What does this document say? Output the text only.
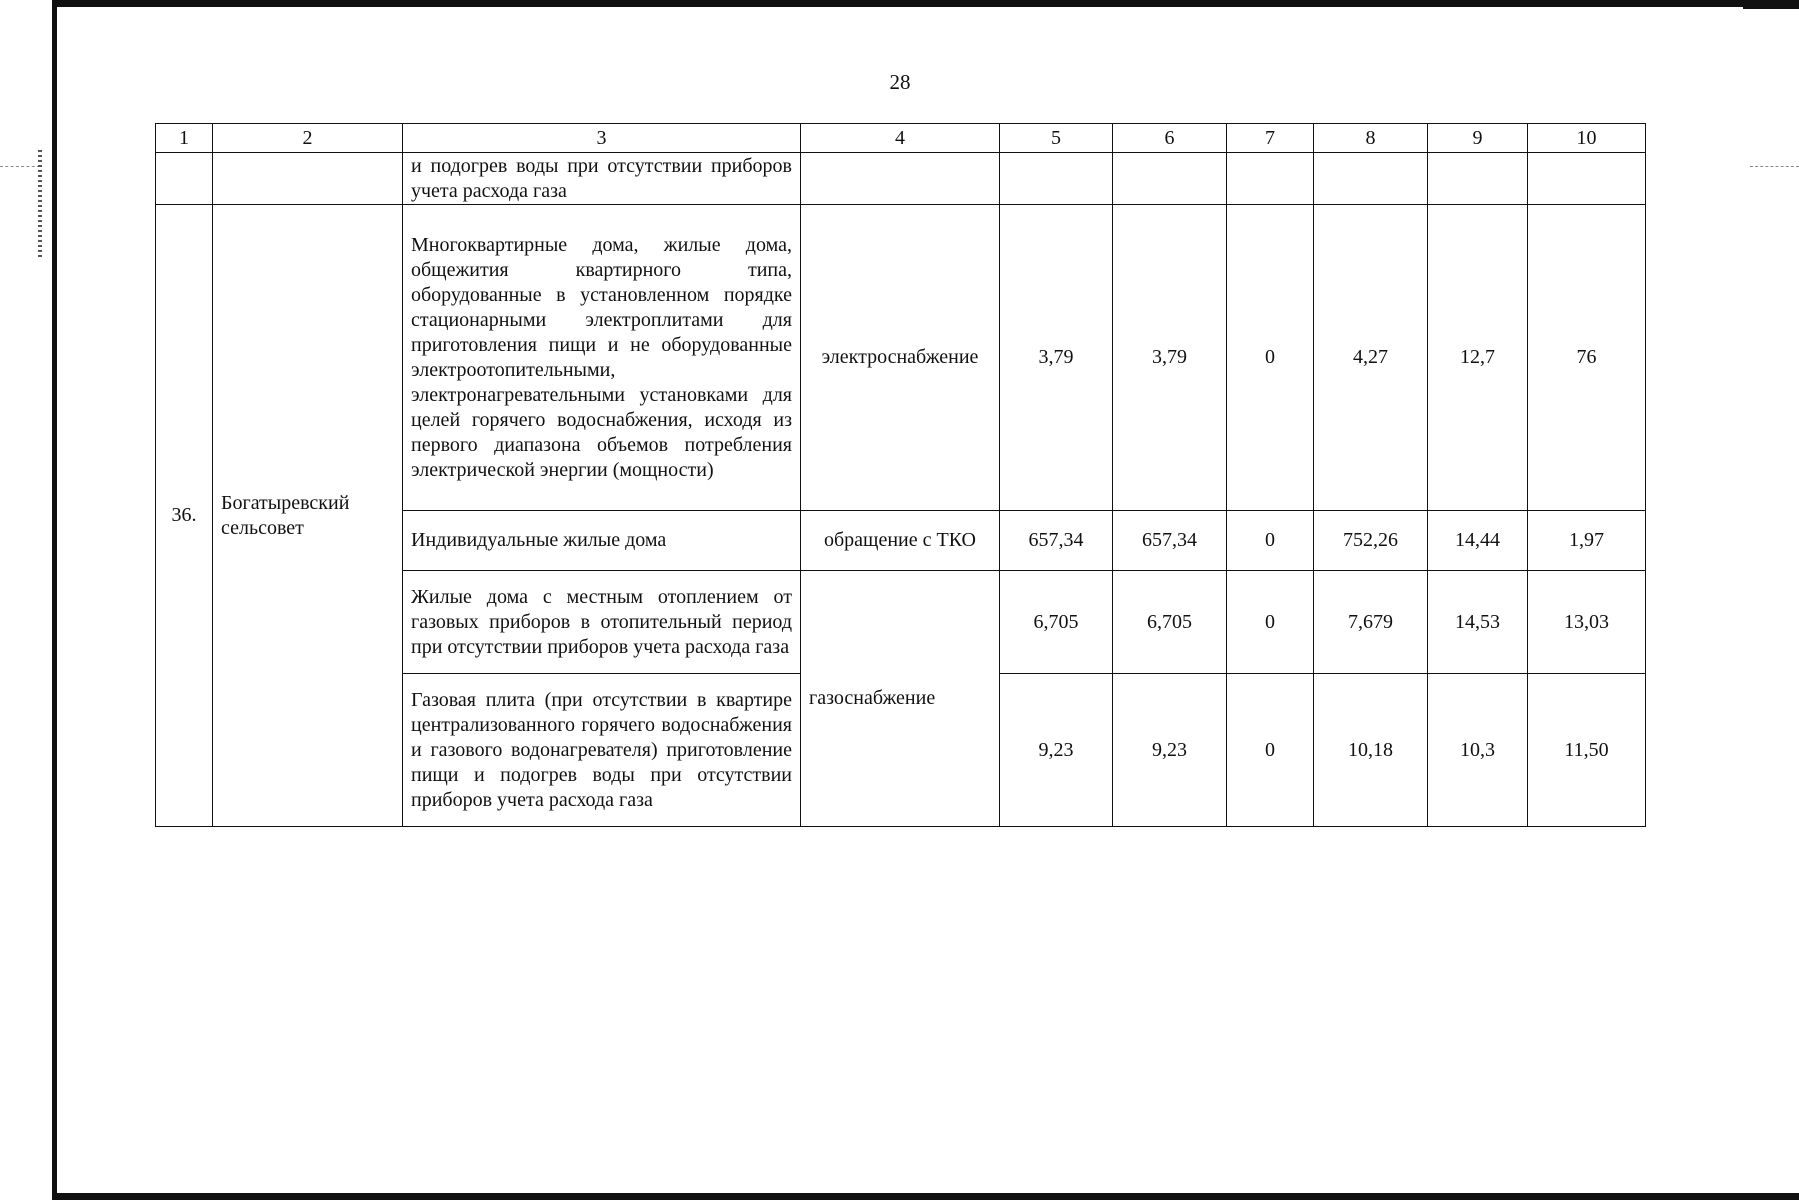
28
1	2	3	4	5	6	7	8	9	10
		и подогрев воды при отсутствии приборов учета расхода газа							
36.	Богатыревский сельсовет	Многоквартирные дома, жилые дома, общежития квартирного типа, оборудованные в установленном порядке стационарными электроплитами для приготовления пищи и не оборудованные электроотопительными, электронагревательными установками для целей горячего водоснабжения, исходя из первого диапазона объемов потребления электрической энергии (мощности)	электроснабжение	3,79	3,79	0	4,27	12,7	76
		Индивидуальные жилые дома	обращение с ТКО	657,34	657,34	0	752,26	14,44	1,97
		Жилые дома с местным отоплением от газовых приборов в отопительный период при отсутствии приборов учета расхода газа	газоснабжение	6,705	6,705	0	7,679	14,53	13,03
		Газовая плита (при отсутствии в квартире централизованного горячего водоснабжения и газового водонагревателя) приготовление пищи и подогрев воды при отсутствии приборов учета расхода газа		9,23	9,23	0	10,18	10,3	11,50
